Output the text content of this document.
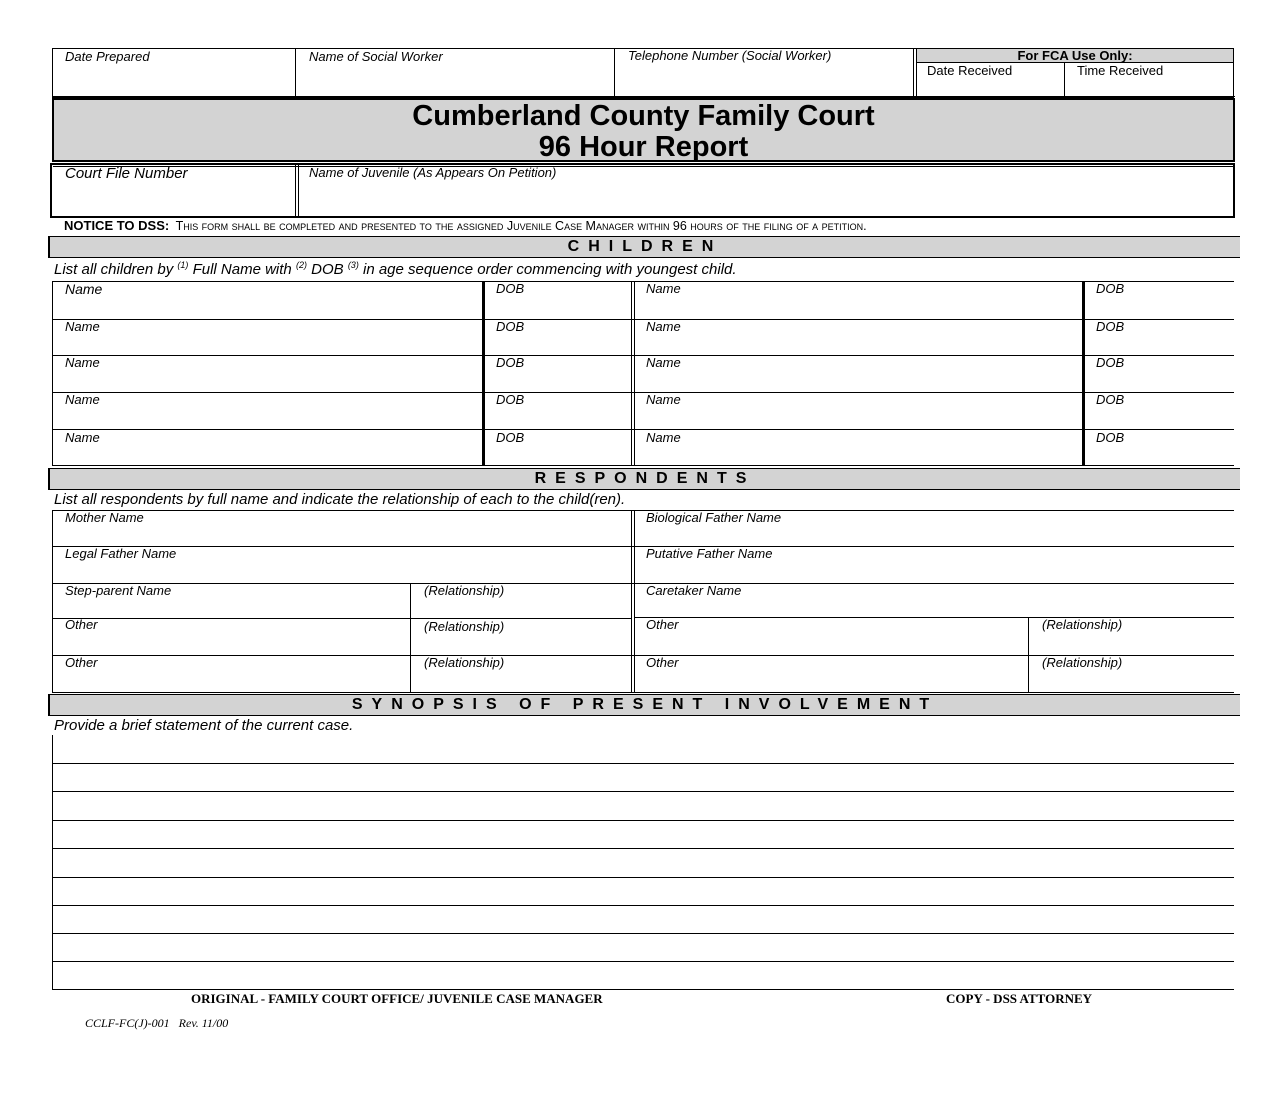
Date Prepared	Name of Social Worker	Telephone Number (Social Worker)	For FCA Use Only:
Date Received	Time Received
Cumberland County Family Court
96 Hour Report
Court File Number	Name of Juvenile (As Appears On Petition)
NOTICE TO DSS: This form shall be completed and presented to the assigned Juvenile Case Manager within 96 hours of the filing of a petition.
CHILDREN
List all children by $^{(1)}$ Full Name with $^{(2)}$ DOB $^{(3)}$ in age sequence order commencing with youngest child.
Name	DOB	Name	DOB
Name	DOB	Name	DOB
Name	DOB	Name	DOB
Name	DOB	Name	DOB
Name	DOB	Name	DOB
RESPONDENTS
List all respondents by full name and indicate the relationship of each to the child(ren).
Mother Name	Biological Father Name
Legal Father Name	Putative Father Name
Step-parent Name	(Relationship)	Caretaker Name
Other	(Relationship)	Other	(Relationship)
Other	(Relationship)	Other	(Relationship)
SYNOPSIS OF PRESENT INVOLVEMENT
Provide a brief statement of the current case.
ORIGINAL - FAMILY COURT OFFICE/ JUVENILE CASE MANAGER	COPY - DSS ATTORNEY
CCLF-FC(J)-001   Rev. 11/00
